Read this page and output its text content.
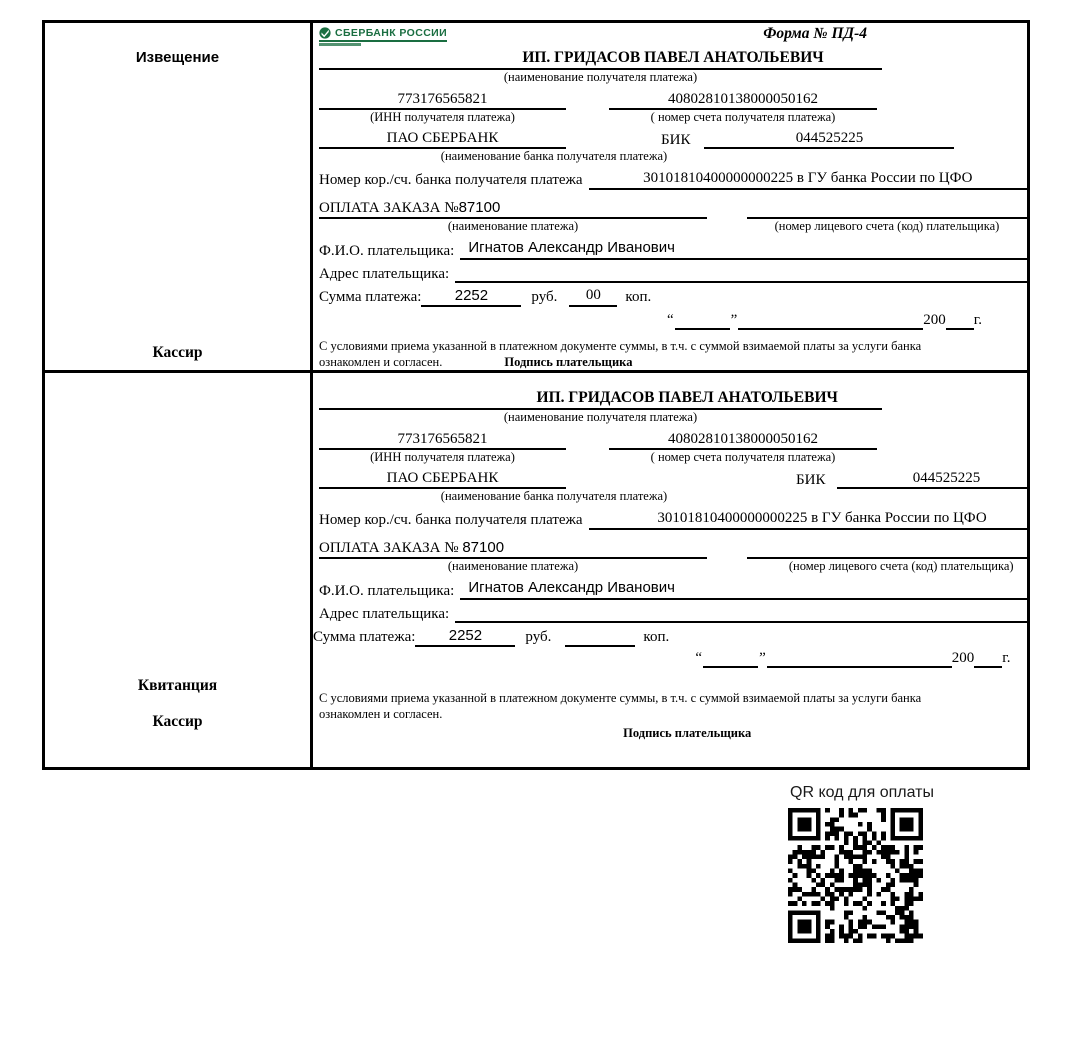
Извещение
Кассир
СБЕРБАНК РОССИИ	Форма № ПД-4
ИП. ГРИДАСОВ ПАВЕЛ АНАТОЛЬЕВИЧ
(наименование получателя платежа)
773176565821	40802810138000050162
(ИНН получателя платежа)	( номер счета получателя платежа)
ПАО СБЕРБАНК	БИК	044525225
(наименование банка получателя платежа)
Номер кор./сч. банка получателя платежа	30101810400000000225 в ГУ банка России по ЦФО
ОПЛАТА ЗАКАЗА №87100
(наименование платежа)	(номер лицевого счета (код) плательщика)
Ф.И.О. плательщика: Игнатов Александр Иванович
Адрес плательщика:
Сумма платежа:	2252	руб.	00	коп.
“	”	200 г.
С условиями приема указанной в платежном документе суммы, в т.ч. с суммой взимаемой платы за услуги банка
ознакомлен и согласен.	Подпись плательщика
Квитанция
Кассир
ИП. ГРИДАСОВ ПАВЕЛ АНАТОЛЬЕВИЧ
(наименование получателя платежа)
773176565821	40802810138000050162
(ИНН получателя платежа)	( номер счета получателя платежа)
ПАО СБЕРБАНК	БИК	044525225
(наименование банка получателя платежа)
Номер кор./сч. банка получателя платежа	30101810400000000225 в ГУ банка России по ЦФО
ОПЛАТА ЗАКАЗА № 87100
(наименование платежа)	(номер лицевого счета (код) плательщика)
Ф.И.О. плательщика: Игнатов Александр Иванович
Адрес плательщика:
Сумма платежа:	2252	руб.	коп.
“	”	200 г.
С условиями приема указанной в платежном документе суммы, в т.ч. с суммой взимаемой платы за услуги банка
ознакомлен и согласен.
Подпись плательщика
QR код для оплаты
